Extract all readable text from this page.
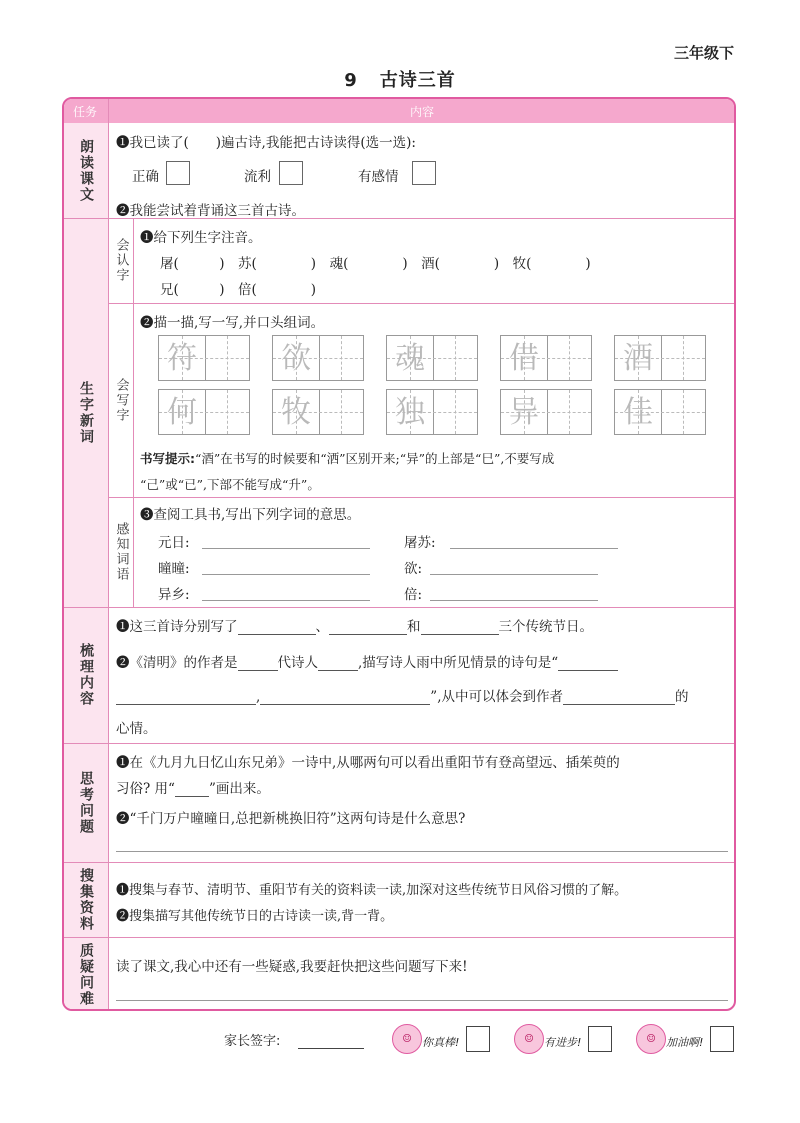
三年级下
9 古诗三首
任务	内容
朗读课文 ❶我已读了(　　)遍古诗,我能把古诗读得(选一选):
正确	流利	有感情
❷我能尝试着背诵这三首古诗。
生字新词
会认字 ❶给下列生字注音。
屠(　　　)　苏(　　　　)　魂(　　　　)　酒(　　　　)　牧(　　　　)
兄(　　　)　倍(　　　　)
会写字
❷描一描,写一写,并口头组词。
书写提示:“酒”在书写的时候要和“洒”区别开来;“异”的上部是“巳”,不要写成
“己”或“已”,下部不能写成“升”。
感知词语
❸查阅工具书,写出下列字词的意思。
元日:	屠苏:
曈曈:	欲:
异乡:	倍:
梳理内容
❶这三首诗分别写了	、	和	三个传统节日。
❷《清明》的作者是	代诗人	,描写诗人雨中所见情景的诗句是“
,	”,从中可以体会到作者	的
心情。
思考问题
❶在《九月九日忆山东兄弟》一诗中,从哪两句可以看出重阳节有登高望远、插茱萸的
习俗? 用“	”画出来。
❷“千门万户曈曈日,总把新桃换旧符”这两句诗是什么意思?
搜集资料 ❶搜集与春节、清明节、重阳节有关的资料读一读,加深对这些传统节日风俗习惯的了解。
❷搜集描写其他传统节日的古诗读一读,背一背。
质疑问难 读了课文,我心中还有一些疑惑,我要赶快把这些问题写下来!
符	欲	魂	借	酒
何	牧	独	异	佳
家长签字:	☺ 你真棒!	☺ 有进步!	☺ 加油啊!
